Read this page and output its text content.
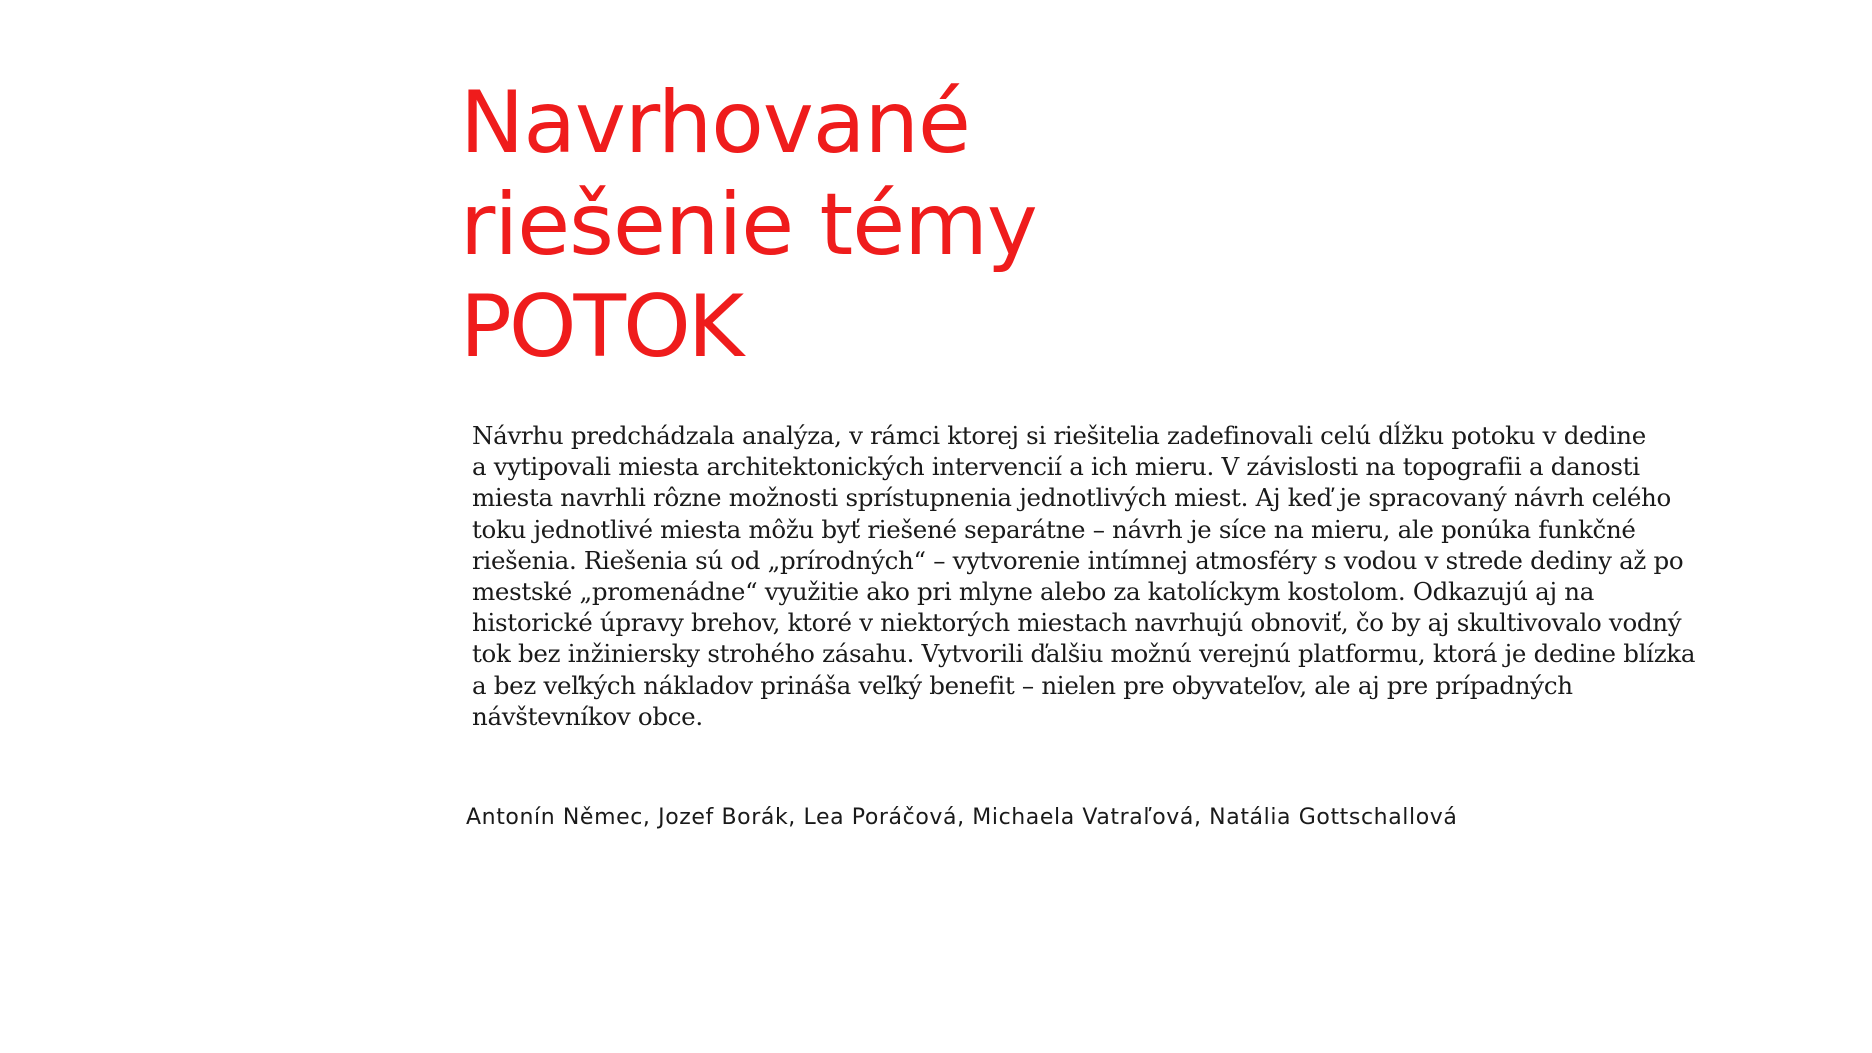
Navrhované
riešenie témy
POTOK

Návrhu predchádzala analýza, v rámci ktorej si riešitelia zadefinovali celú dĺžku potoku v dedine
a vytipovali miesta architektonických intervencií a ich mieru. V závislosti na topografii a danosti
miesta navrhli rôzne možnosti sprístupnenia jednotlivých miest. Aj keď je spracovaný návrh celého
toku jednotlivé miesta môžu byť riešené separátne – návrh je síce na mieru, ale ponúka funkčné
riešenia. Riešenia sú od „prírodných“ – vytvorenie intímnej atmosféry s vodou v strede dediny až po
mestské „promenádne“ využitie ako pri mlyne alebo za katolíckym kostolom. Odkazujú aj na
historické úpravy brehov, ktoré v niektorých miestach navrhujú obnoviť, čo by aj skultivovalo vodný
tok bez inžiniersky strohého zásahu. Vytvorili ďalšiu možnú verejnú platformu, ktorá je dedine blízka
a bez veľkých nákladov prináša veľký benefit – nielen pre obyvateľov, ale aj pre prípadných
návštevníkov obce.

Antonín Němec, Jozef Borák, Lea Poráčová, Michaela Vatraľová, Natália Gottschallová
